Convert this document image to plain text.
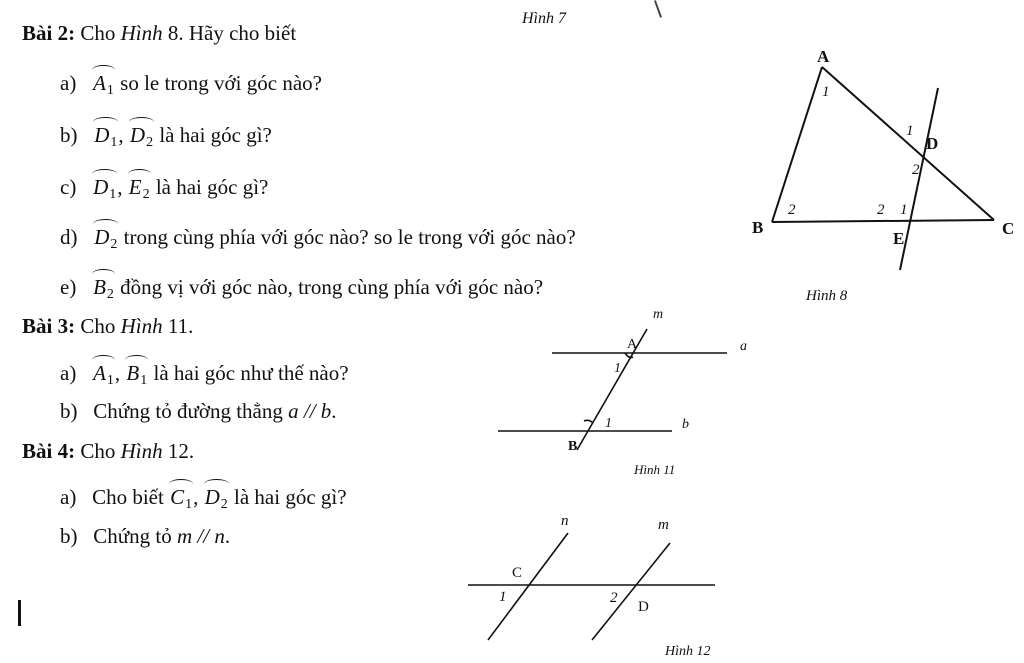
Hình 7
Bài 2: Cho Hình 8. Hãy cho biết
a) $A_1$ so le trong với góc nào?
b) $D_1$, $D_2$ là hai góc gì?
c) $D_1$, $E_2$ là hai góc gì?
d) $D_2$ trong cùng phía với góc nào? so le trong với góc nào?
e) $B_2$ đồng vị với góc nào, trong cùng phía với góc nào?
Bài 3: Cho Hình 11.
a) $A_1$, $B_1$ là hai góc như thế nào?
b) Chứng tỏ đường thẳng a // b.
Bài 4: Cho Hình 12.
a) Cho biết $C_1$, $D_2$ là hai góc gì?
b) Chứng tỏ m // n.
A
B	C
D
E
1
1
2
2	2 1
Hình 8
m
a
b
A
B
1
1
Hình 11
n	m
C
D
1	2
Hình 12
